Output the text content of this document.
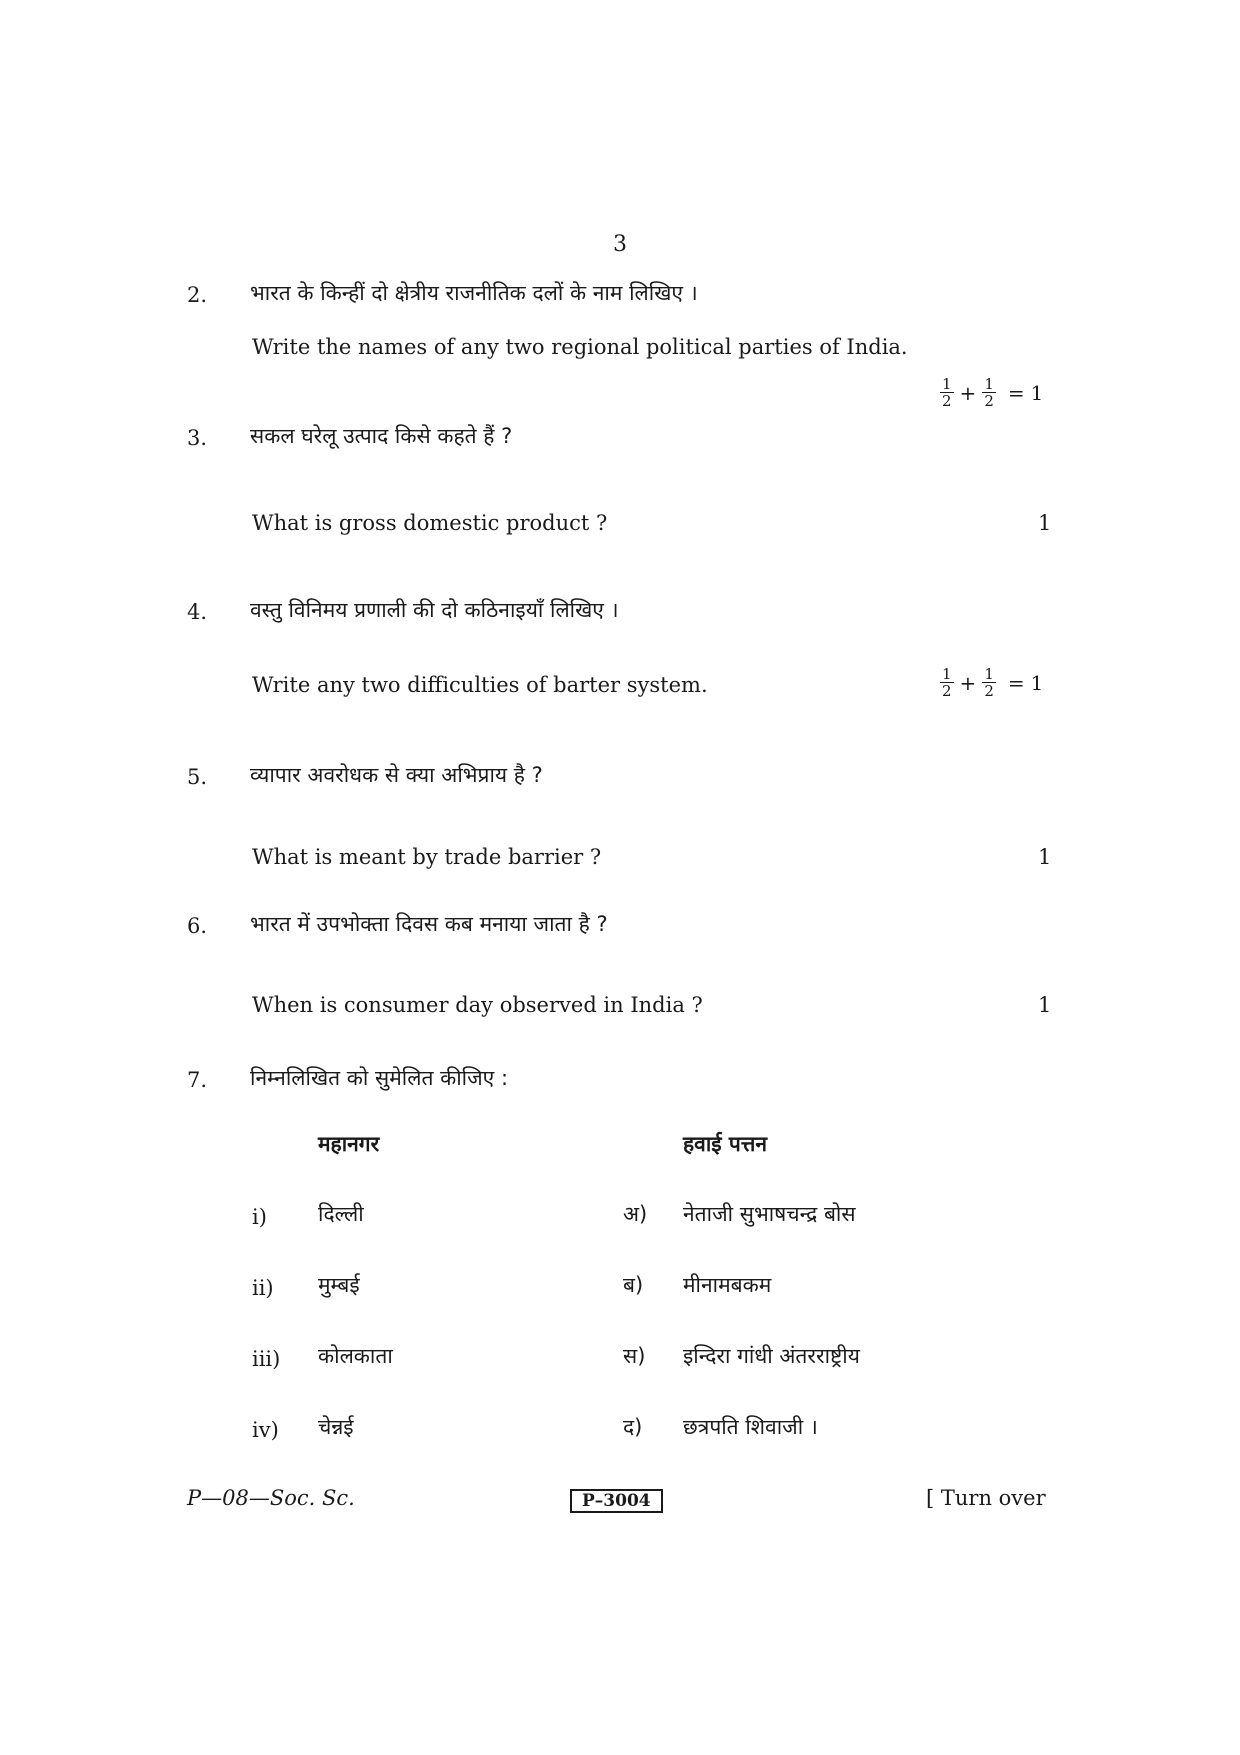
3
2. भारत के किन्हीं दो क्षेत्रीय राजनीतिक दलों के नाम लिखिए ।
Write the names of any two regional political parties of India.
$\frac{1}{2} + \frac{1}{2} = 1$
3. सकल घरेलू उत्पाद किसे कहते हैं ?
What is gross domestic product ?	1
4. वस्तु विनिमय प्रणाली की दो कठिनाइयाँ लिखिए ।
Write any two difficulties of barter system.	$\frac{1}{2} + \frac{1}{2} = 1$
5. व्यापार अवरोधक से क्या अभिप्राय है ?
What is meant by trade barrier ?	1
6. भारत में उपभोक्ता दिवस कब मनाया जाता है ?
When is consumer day observed in India ?	1
7. निम्नलिखित को सुमेलित कीजिए :
महानगर	हवाई पत्तन
i) दिल्ली	अ) नेताजी सुभाषचन्द्र बोस
ii) मुम्बई	ब) मीनामबकम
iii) कोलकाता	स) इन्दिरा गांधी अंतरराष्ट्रीय
iv) चेन्नई	द) छत्रपति शिवाजी ।
P—08—Soc. Sc.	P–3004	[ Turn over
